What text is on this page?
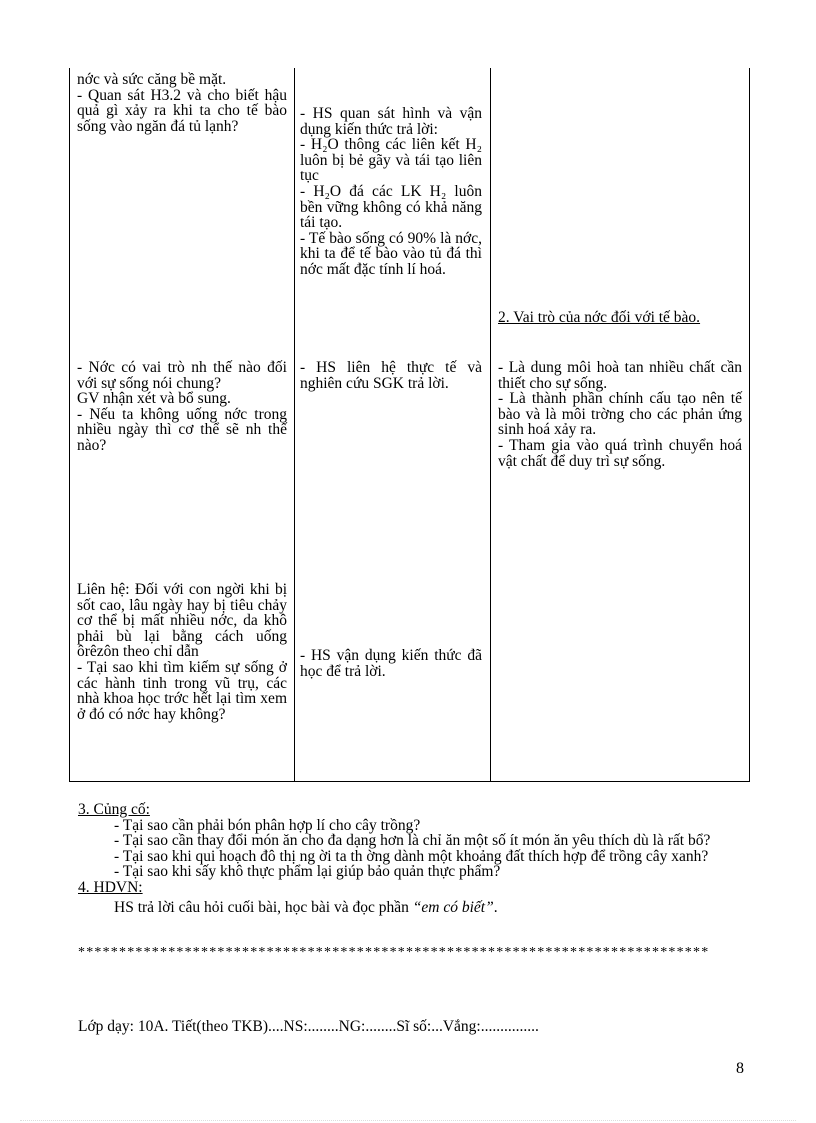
nớc và sức căng bề mặt.

- Quan sát H3.2 và cho biết hậu quả gì xảy ra khi ta cho tế bào sống vào ngăn đá tủ lạnh?

- HS quan sát hình và vận dụng kiến thức trả lời:

- H₂O thông các liên kết H₂ luôn bị bẻ gãy và tái tạo liên tục

- H₂O đá các LK H₂ luôn bền vững không có khả năng tái tạo.

- Tế bào sống có 90% là nớc, khi ta để tế bào vào tủ đá thì nớc mất đặc tính lí hoá.

2. Vai trò của nớc đối với tế bào.

- Nớc có vai trò nh thế nào đối với sự sống nói chung?

GV nhận xét và bổ sung.

- Nếu ta không uống nớc trong nhiều ngày thì cơ thể sẽ nh thế nào?

- HS liên hệ thực tế và nghiên cứu SGK trả lời.

- Là dung môi hoà tan nhiều chất cần thiết cho sự sống.

- Là thành phần chính cấu tạo nên tế bào và là môi trờng cho các phản ứng sinh hoá xảy ra.

- Tham gia vào quá trình chuyển hoá vật chất để duy trì sự sống.

Liên hệ: Đối với con ngời khi bị sốt cao, lâu ngày hay bị tiêu chảy cơ thể bị mất nhiều nớc, da khô phải bù lại bằng cách uống ôrêzôn theo chỉ dẫn

- Tại sao khi tìm kiếm sự sống ở các hành tinh trong vũ trụ, các nhà khoa học trớc hết lại tìm xem ở đó có nớc hay không?

- HS vận dụng kiến thức đã học để trả lời.

3. Củng cố:

- Tại sao cần phải bón phân hợp lí cho cây trồng?

- Tại sao cần thay đổi món ăn cho đa dạng hơn là chỉ ăn một số ít món ăn yêu thích dù là rất bổ?

- Tại sao khi qui hoạch đô thị ng ời ta th ờng dành một khoảng đất thích hợp để trồng cây xanh?

- Tại sao khi sấy khô thực phẩm lại giúp bảo quản thực phẩm?

4. HDVN:

HS trả lời câu hỏi cuối bài, học bài và đọc phần “em có biết”.

*****************************************************************************
Lớp dạy: 10A. Tiết(theo TKB)....NS:........NG:........Sĩ số:...Vắng:...............
8
